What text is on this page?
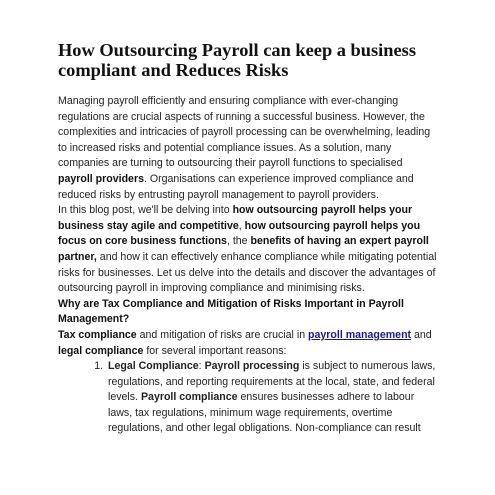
How Outsourcing Payroll can keep a business compliant and Reduces Risks

Managing payroll efficiently and ensuring compliance with ever-changing regulations are crucial aspects of running a successful business. However, the complexities and intricacies of payroll processing can be overwhelming, leading to increased risks and potential compliance issues. As a solution, many companies are turning to outsourcing their payroll functions to specialised payroll providers. Organisations can experience improved compliance and reduced risks by entrusting payroll management to payroll providers.

In this blog post, we'll be delving into how outsourcing payroll helps your business stay agile and competitive, how outsourcing payroll helps you focus on core business functions, the benefits of having an expert payroll partner, and how it can effectively enhance compliance while mitigating potential risks for businesses. Let us delve into the details and discover the advantages of outsourcing payroll in improving compliance and minimising risks.

Why are Tax Compliance and Mitigation of Risks Important in Payroll Management?

Tax compliance and mitigation of risks are crucial in payroll management and legal compliance for several important reasons:

1. Legal Compliance: Payroll processing is subject to numerous laws, regulations, and reporting requirements at the local, state, and federal levels. Payroll compliance ensures businesses adhere to labour laws, tax regulations, minimum wage requirements, overtime regulations, and other legal obligations. Non-compliance can result
